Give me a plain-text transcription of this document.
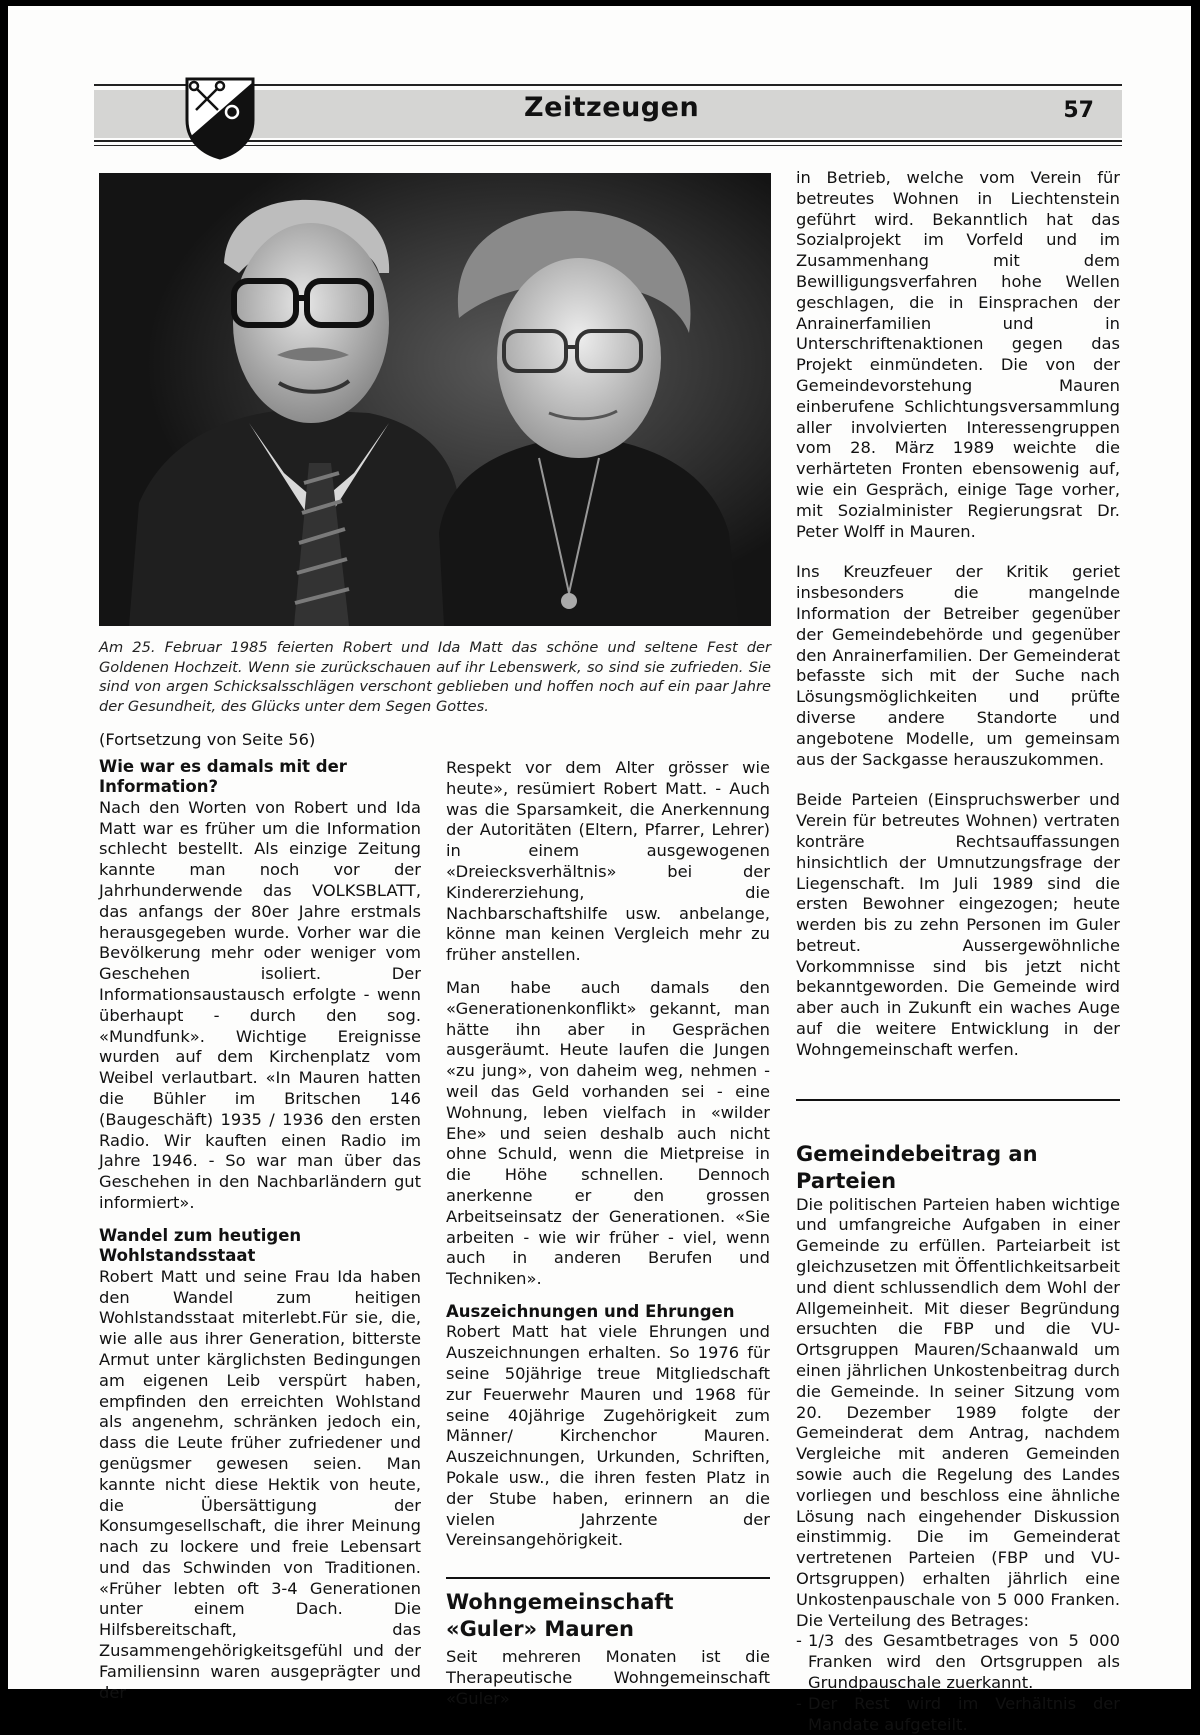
Zeitzeugen	57

Am 25. Februar 1985 feierten Robert und Ida Matt das schöne und seltene Fest der Goldenen Hochzeit. Wenn sie zurückschauen auf ihr Lebenswerk, so sind sie zufrieden. Sie sind von argen Schicksalsschlägen verschont geblieben und hoffen noch auf ein paar Jahre der Gesundheit, des Glücks unter dem Segen Gottes.

(Fortsetzung von Seite 56)

Wie war es damals mit der Information?

Nach den Worten von Robert und Ida Matt war es früher um die Information schlecht bestellt. Als einzige Zeitung kannte man noch vor der Jahrhunderwende das VOLKSBLATT, das anfangs der 80er Jahre erstmals herausgegeben wurde. Vorher war die Bevölkerung mehr oder weniger vom Geschehen isoliert. Der Informationsaustausch erfolgte - wenn überhaupt - durch den sog. «Mundfunk». Wichtige Ereignisse wurden auf dem Kirchenplatz vom Weibel verlautbart. «In Mauren hatten die Bühler im Britschen 146 (Baugeschäft) 1935 / 1936 den ersten Radio. Wir kauften einen Radio im Jahre 1946. - So war man über das Geschehen in den Nachbarländern gut informiert».

Wandel zum heutigen Wohlstandsstaat

Robert Matt und seine Frau Ida haben den Wandel zum heitigen Wohlstandsstaat miterlebt.Für sie, die, wie alle aus ihrer Generation, bitterste Armut unter kärglichsten Bedingungen am eigenen Leib verspürt haben, empfinden den erreichten Wohlstand als angenehm, schränken jedoch ein, dass die Leute früher zufriedener und genügsmer gewesen seien. Man kannte nicht diese Hektik von heute, die Übersättigung der Konsumgesellschaft, die ihrer Meinung nach zu lockere und freie Lebensart und das Schwinden von Traditionen. «Früher lebten oft 3-4 Generationen unter einem Dach. Die Hilfsbereitschaft, das Zusammengehörigkeitsgefühl und der Familiensinn waren ausgeprägter und der

Respekt vor dem Alter grösser wie heute», resümiert Robert Matt. - Auch was die Sparsamkeit, die Anerkennung der Autoritäten (Eltern, Pfarrer, Lehrer) in einem ausgewogenen «Dreiecksverhältnis» bei der Kindererziehung, die Nachbarschaftshilfe usw. anbelange, könne man keinen Vergleich mehr zu früher anstellen.

Man habe auch damals den «Generationenkonflikt» gekannt, man hätte ihn aber in Gesprächen ausgeräumt. Heute laufen die Jungen «zu jung», von daheim weg, nehmen - weil das Geld vorhanden sei - eine Wohnung, leben vielfach in «wilder Ehe» und seien deshalb auch nicht ohne Schuld, wenn die Mietpreise in die Höhe schnellen. Dennoch anerkenne er den grossen Arbeitseinsatz der Generationen. «Sie arbeiten - wie wir früher - viel, wenn auch in anderen Berufen und Techniken».

Auszeichnungen und Ehrungen

Robert Matt hat viele Ehrungen und Auszeichnungen erhalten. So 1976 für seine 50jährige treue Mitgliedschaft zur Feuerwehr Mauren und 1968 für seine 40jährige Zugehörigkeit zum Männer/ Kirchenchor Mauren. Auszeichnungen, Urkunden, Schriften, Pokale usw., die ihren festen Platz in der Stube haben, erinnern an die vielen Jahrzente der Vereinsangehörigkeit.

Wohngemeinschaft «Guler» Mauren

Seit mehreren Monaten ist die Therapeutische Wohngemeinschaft «Guler»

in Betrieb, welche vom Verein für betreutes Wohnen in Liechtenstein geführt wird. Bekanntlich hat das Sozialprojekt im Vorfeld und im Zusammenhang mit dem Bewilligungsverfahren hohe Wellen geschlagen, die in Einsprachen der Anrainerfamilien und in Unterschriftenaktionen gegen das Projekt einmündeten. Die von der Gemeindevorstehung Mauren einberufene Schlichtungsversammlung aller involvierten Interessengruppen vom 28. März 1989 weichte die verhärteten Fronten ebensowenig auf, wie ein Gespräch, einige Tage vorher, mit Sozialminister Regierungsrat Dr. Peter Wolff in Mauren.

Ins Kreuzfeuer der Kritik geriet insbesonders die mangelnde Information der Betreiber gegenüber der Gemeindebehörde und gegenüber den Anrainerfamilien. Der Gemeinderat befasste sich mit der Suche nach Lösungsmöglichkeiten und prüfte diverse andere Standorte und angebotene Modelle, um gemeinsam aus der Sackgasse herauszukommen.

Beide Parteien (Einspruchswerber und Verein für betreutes Wohnen) vertraten konträre Rechtsauffassungen hinsichtlich der Umnutzungsfrage der Liegenschaft. Im Juli 1989 sind die ersten Bewohner eingezogen; heute werden bis zu zehn Personen im Guler betreut. Aussergewöhnliche Vorkommnisse sind bis jetzt nicht bekanntgeworden. Die Gemeinde wird aber auch in Zukunft ein waches Auge auf die weitere Entwicklung in der Wohngemeinschaft werfen.

Gemeindebeitrag an Parteien

Die politischen Parteien haben wichtige und umfangreiche Aufgaben in einer Gemeinde zu erfüllen. Parteiarbeit ist gleichzusetzen mit Öffentlichkeitsarbeit und dient schlussendlich dem Wohl der Allgemeinheit. Mit dieser Begründung ersuchten die FBP und die VU-Ortsgruppen Mauren/Schaanwald um einen jährlichen Unkostenbeitrag durch die Gemeinde. In seiner Sitzung vom 20. Dezember 1989 folgte der Gemeinderat dem Antrag, nachdem Vergleiche mit anderen Gemeinden sowie auch die Regelung des Landes vorliegen und beschloss eine ähnliche Lösung nach eingehender Diskussion einstimmig. Die im Gemeinderat vertretenen Parteien (FBP und VU-Ortsgruppen) erhalten jährlich eine Unkostenpauschale von 5 000 Franken. Die Verteilung des Betrages:

- 1/3 des Gesamtbetrages von 5 000 Franken wird den Ortsgruppen als Grundpauschale zuerkannt.
- Der Rest wird im Verhältnis der Mandate aufgeteilt.
